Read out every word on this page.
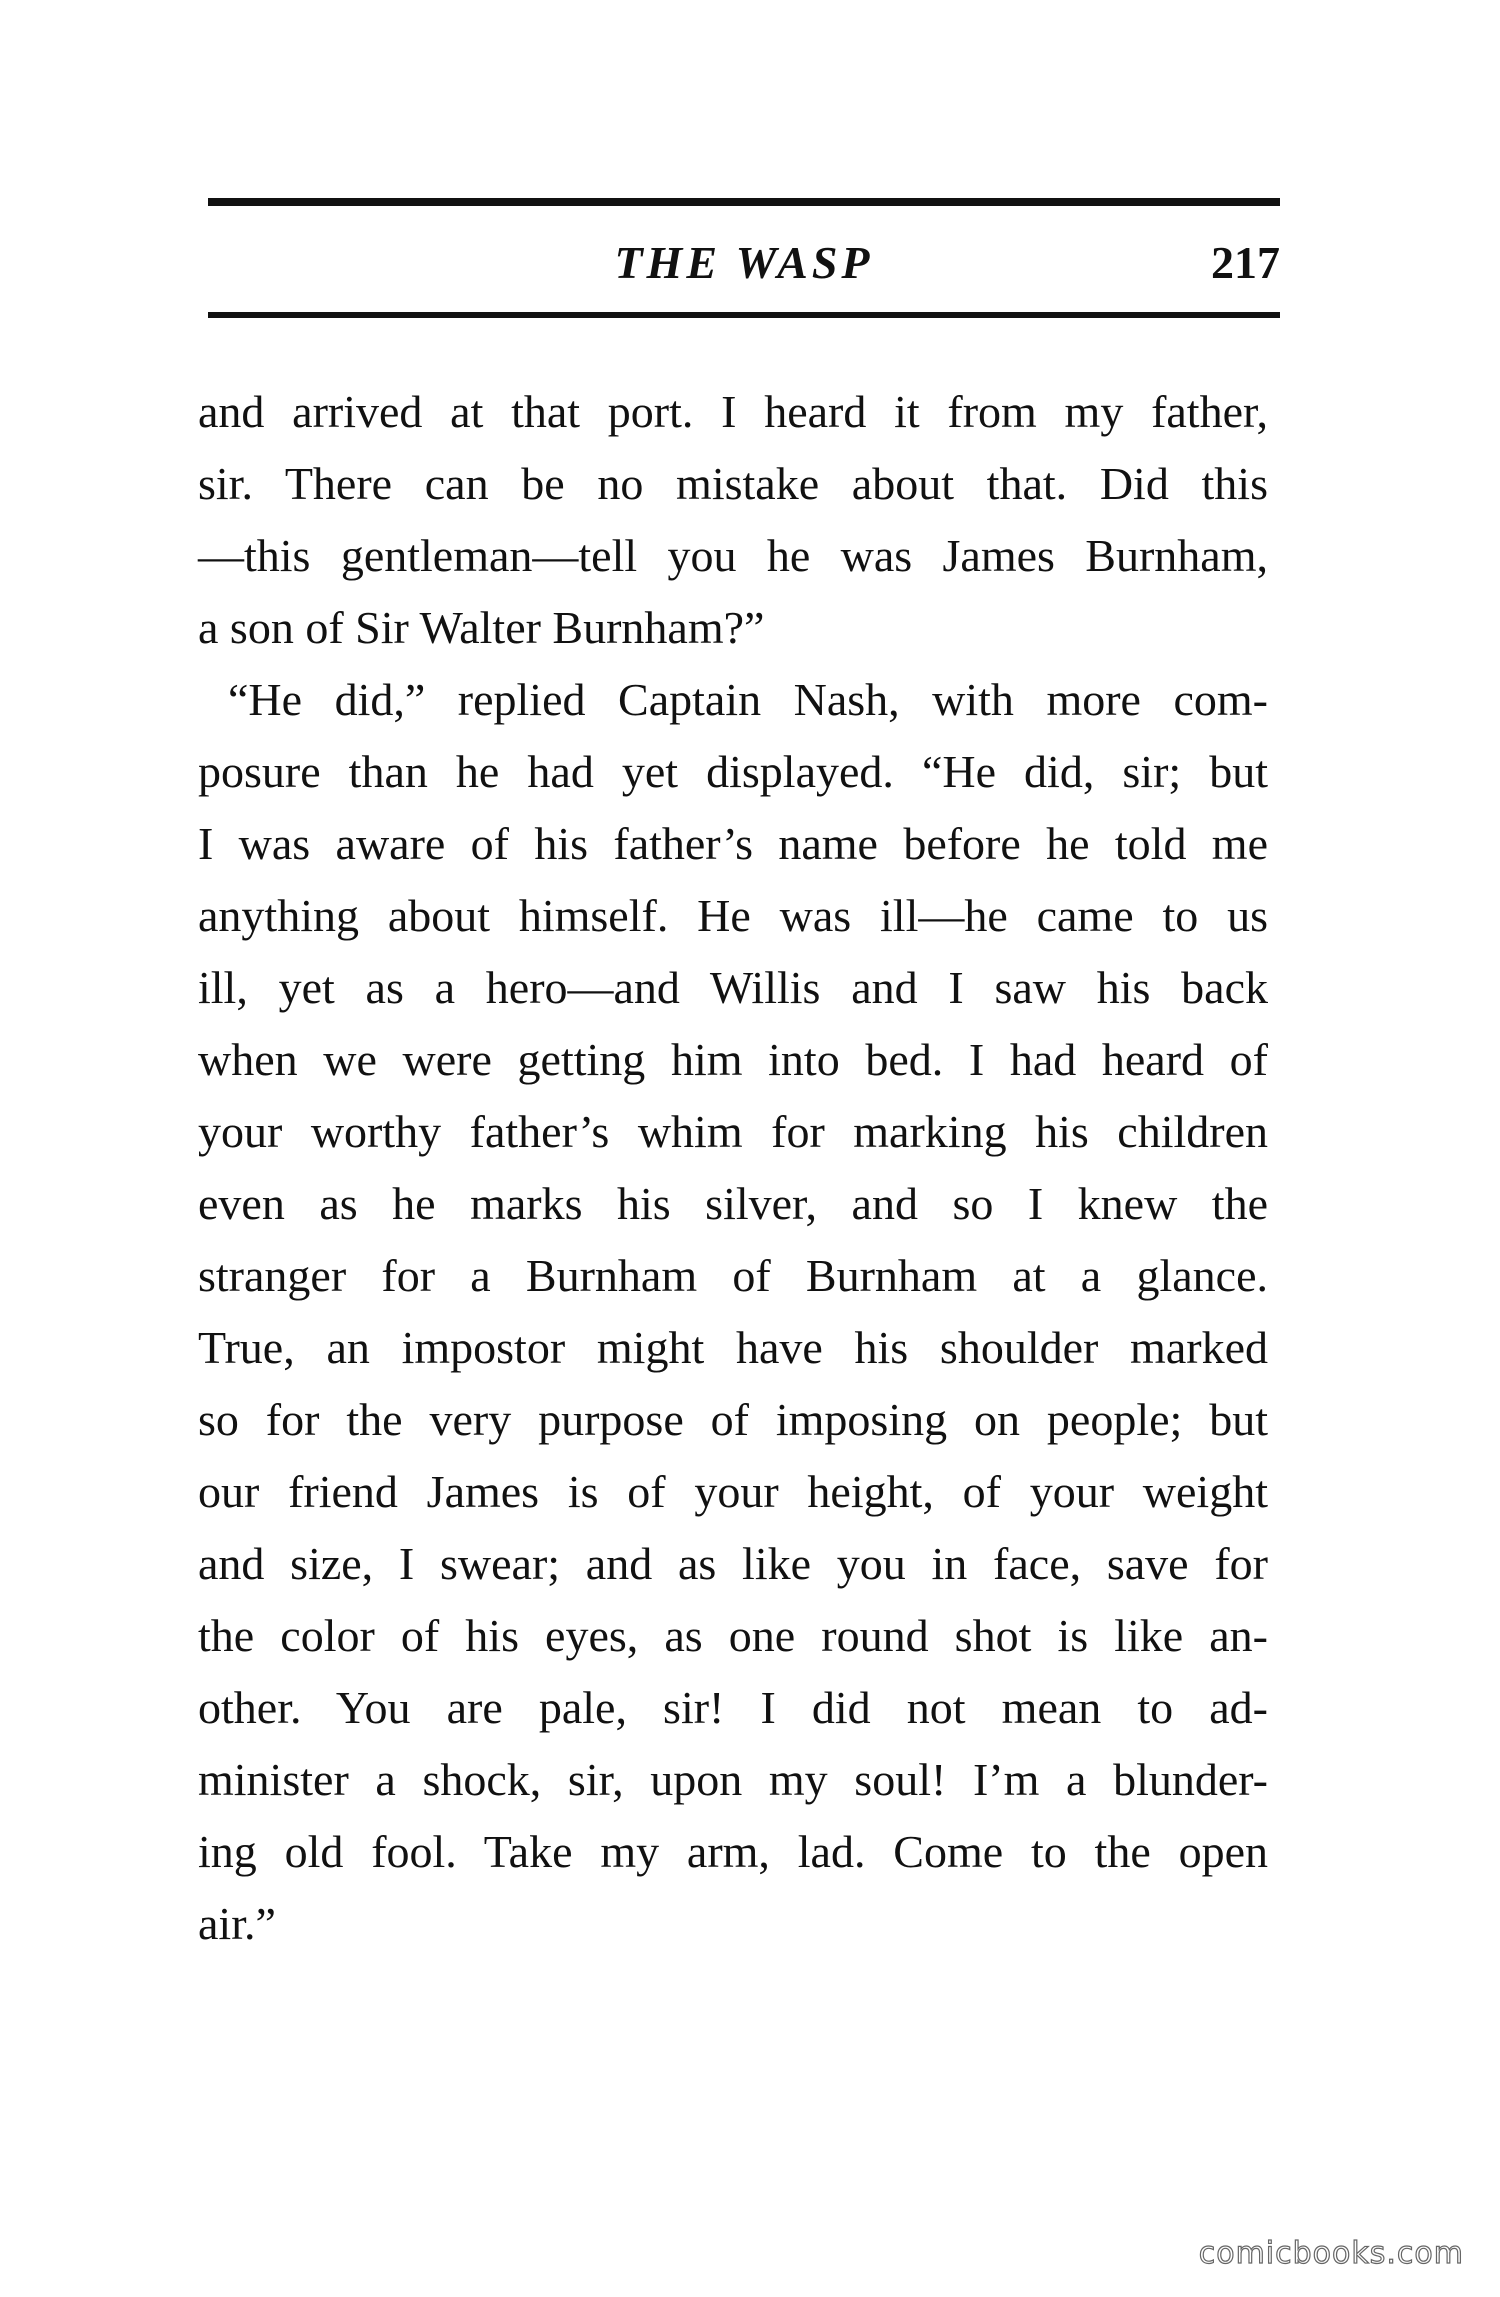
THE WASP	217
and arrived at that port. I heard it from my father,
sir. There can be no mistake about that. Did this
—this gentleman—tell you he was James Burnham,
a son of Sir Walter Burnham?”
“He did,” replied Captain Nash, with more com-
posure than he had yet displayed. “He did, sir; but
I was aware of his father’s name before he told me
anything about himself. He was ill—he came to us
ill, yet as a hero—and Willis and I saw his back
when we were getting him into bed. I had heard of
your worthy father’s whim for marking his children
even as he marks his silver, and so I knew the
stranger for a Burnham of Burnham at a glance.
True, an impostor might have his shoulder marked
so for the very purpose of imposing on people; but
our friend James is of your height, of your weight
and size, I swear; and as like you in face, save for
the color of his eyes, as one round shot is like an-
other. You are pale, sir! I did not mean to ad-
minister a shock, sir, upon my soul! I’m a blunder-
ing old fool. Take my arm, lad. Come to the open
air.”
comicbooks.com
